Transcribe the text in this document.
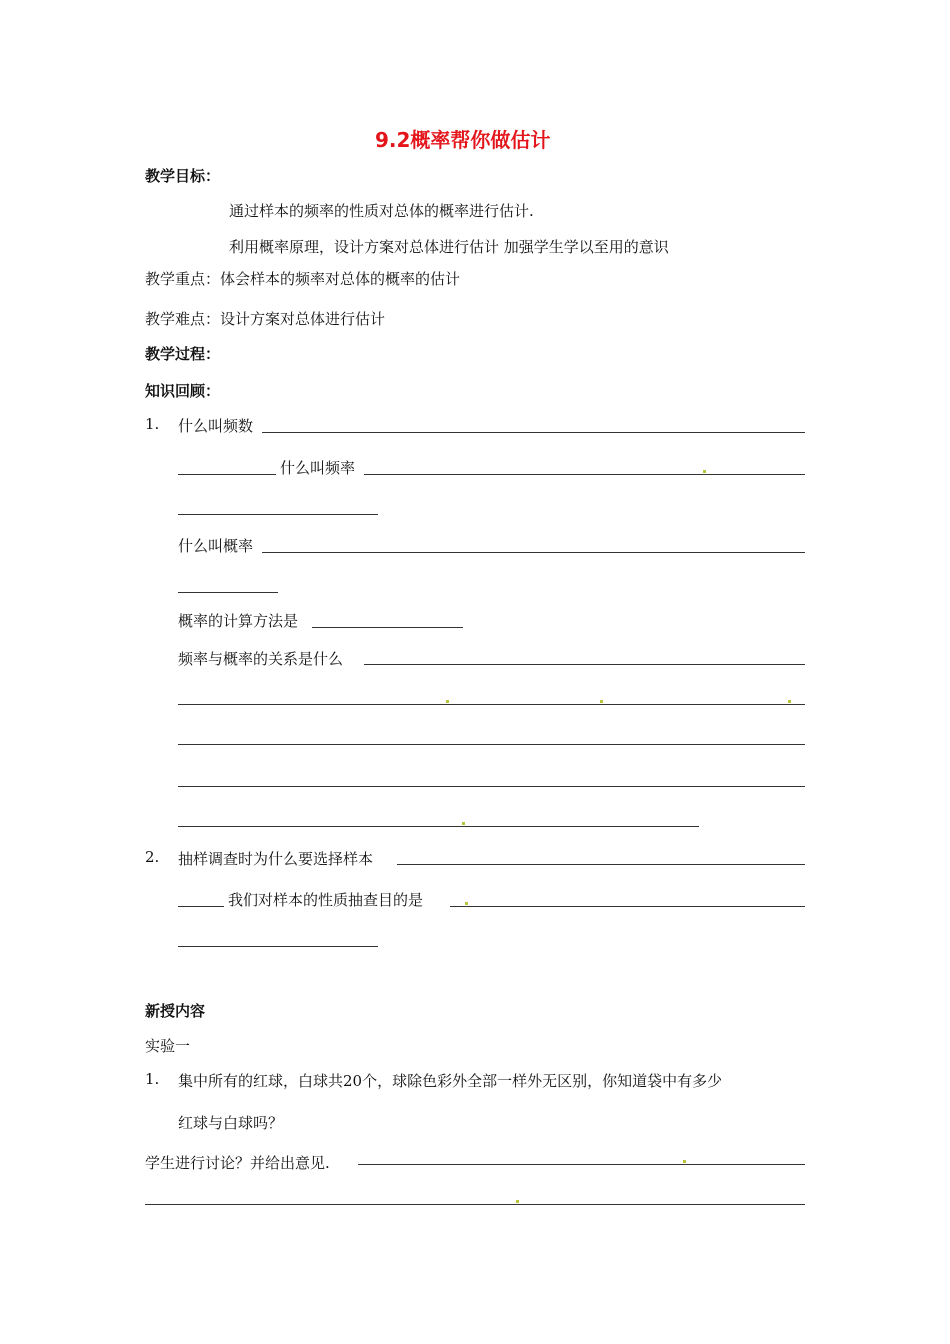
9.2概率帮你做估计
教学目标：
通过样本的频率的性质对总体的概率进行估计.
利用概率原理，设计方案对总体进行估计 加强学生学以至用的意识
教学重点：体会样本的频率对总体的概率的估计
教学难点：设计方案对总体进行估计
教学过程：
知识回顾：
1. 什么叫频数
什么叫频率
什么叫概率
概率的计算方法是
频率与概率的关系是什么
2. 抽样调查时为什么要选择样本
我们对样本的性质抽查目的是
新授内容
实验一
1. 集中所有的红球，白球共20个，球除色彩外全部一样外无区别，你知道袋中有多少
红球与白球吗？
学生进行讨论？并给出意见.
